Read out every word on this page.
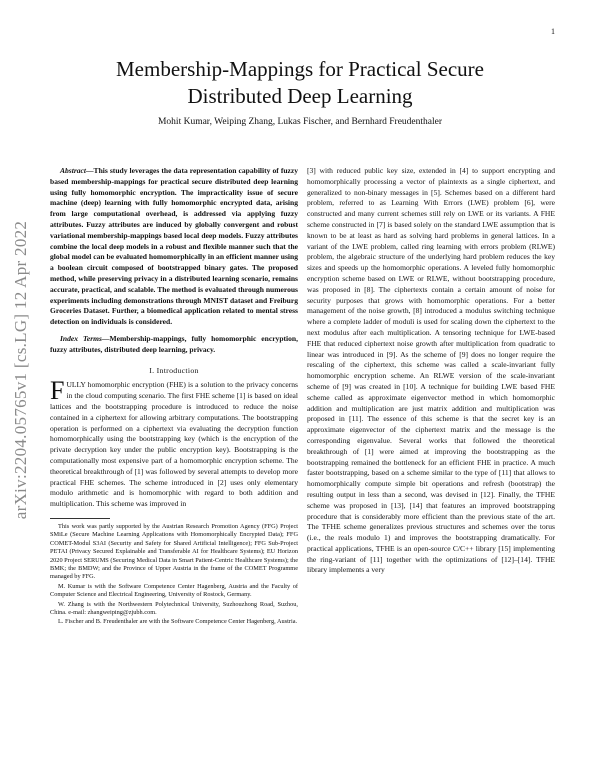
1
arXiv:2204.05765v1 [cs.LG] 12 Apr 2022
Membership-Mappings for Practical Secure
Distributed Deep Learning
Mohit Kumar, Weiping Zhang, Lukas Fischer, and Bernhard Freudenthaler

Abstract—This study leverages the data representation capability of fuzzy based membership-mappings for practical secure distributed deep learning using fully homomorphic encryption. The impracticality issue of secure machine (deep) learning with fully homomorphic encrypted data, arising from large computational overhead, is addressed via applying fuzzy attributes. Fuzzy attributes are induced by globally convergent and robust variational membership-mappings based local deep models. Fuzzy attributes combine the local deep models in a robust and flexible manner such that the global model can be evaluated homomorphically in an efficient manner using a boolean circuit composed of bootstrapped binary gates. The proposed method, while preserving privacy in a distributed learning scenario, remains accurate, practical, and scalable. The method is evaluated through numerous experiments including demonstrations through MNIST dataset and Freiburg Groceries Dataset. Further, a biomedical application related to mental stress detection on individuals is considered.

Index Terms—Membership-mappings, fully homomorphic encryption, fuzzy attributes, distributed deep learning, privacy.

I. Introduction

FULLY homomorphic encryption (FHE) is a solution to the privacy concerns in the cloud computing scenario. The first FHE scheme [1] is based on ideal lattices and the bootstrapping procedure is introduced to reduce the noise contained in a ciphertext for allowing arbitrary computations. The bootstrapping operation is performed on a ciphertext via evaluating the decryption function homomorphically using the bootstrapping key (which is the encryption of the private decryption key under the public encryption key). Bootstrapping is the computationally most expensive part of a homomorphic encryption scheme. The theoretical breakthrough of [1] was followed by several attempts to develop more practical FHE schemes. The scheme introduced in [2] uses only elementary modulo arithmetic and is homomorphic with regard to both addition and multiplication. This scheme was improved in

This work was partly supported by the Austrian Research Promotion Agency (FFG) Project SMiLe (Secure Machine Learning Applications with Homomorphically Encrypted Data); FFG COMET-Modul S3AI (Security and Safety for Shared Artificial Intelligence); FFG Sub-Project PETAI (Privacy Secured Explainable and Transferable AI for Healthcare Systems); EU Horizon 2020 Project SERUMS (Securing Medical Data in Smart Patient-Centric Healthcare Systems); the BMK; the BMDW; and the Province of Upper Austria in the frame of the COMET Programme managed by FFG.

M. Kumar is with the Software Competence Center Hagenberg, Austria and the Faculty of Computer Science and Electrical Engineering, University of Rostock, Germany.

W. Zhang is with the Northwestern Polytechnical University, Suzhouzhong Road, Suzhou, China. e-mail: zhangweiping@zjubh.com.

L. Fischer and B. Freudenthaler are with the Software Competence Center Hagenberg, Austria.

[3] with reduced public key size, extended in [4] to support encrypting and homomorphically processing a vector of plaintexts as a single ciphertext, and generalized to non-binary messages in [5]. Schemes based on a different hard problem, referred to as Learning With Errors (LWE) problem [6], were constructed and many current schemes still rely on LWE or its variants. A FHE scheme constructed in [7] is based solely on the standard LWE assumption that is known to be at least as hard as solving hard problems in general lattices. In a variant of the LWE problem, called ring learning with errors problem (RLWE) problem, the algebraic structure of the underlying hard problem reduces the key sizes and speeds up the homomorphic operations. A leveled fully homomorphic encryption scheme based on LWE or RLWE, without bootstrapping procedure, was proposed in [8]. The ciphertexts contain a certain amount of noise for security purposes that grows with homomorphic operations. For a better management of the noise growth, [8] introduced a modulus switching technique where a complete ladder of moduli is used for scaling down the ciphertext to the next modulus after each multiplication. A tensoring technique for LWE-based FHE that reduced ciphertext noise growth after multiplication from quadratic to linear was introduced in [9]. As the scheme of [9] does no longer require the rescaling of the ciphertext, this scheme was called a scale-invariant fully homomorphic encryption scheme. An RLWE version of the scale-invariant scheme of [9] was created in [10]. A technique for building LWE based FHE scheme called as approximate eigenvector method in which homomorphic addition and multiplication are just matrix addition and multiplication was proposed in [11]. The essence of this scheme is that the secret key is an approximate eigenvector of the ciphertext matrix and the message is the corresponding eigenvalue. Several works that followed the theoretical breakthrough of [1] were aimed at improving the bootstrapping as the bootstrapping remained the bottleneck for an efficient FHE in practice. A much faster bootstrapping, based on a scheme similar to the type of [11] that allows to homomorphically compute simple bit operations and refresh (bootstrap) the resulting output in less than a second, was devised in [12]. Finally, the TFHE scheme was proposed in [13], [14] that features an improved bootstrapping procedure that is considerably more efficient than the previous state of the art. The TFHE scheme generalizes previous structures and schemes over the torus (i.e., the reals modulo 1) and improves the bootstrapping dramatically. For practical applications, TFHE is an open-source C/C++ library [15] implementing the ring-variant of [11] together with the optimizations of [12]–[14]. TFHE library implements a very
